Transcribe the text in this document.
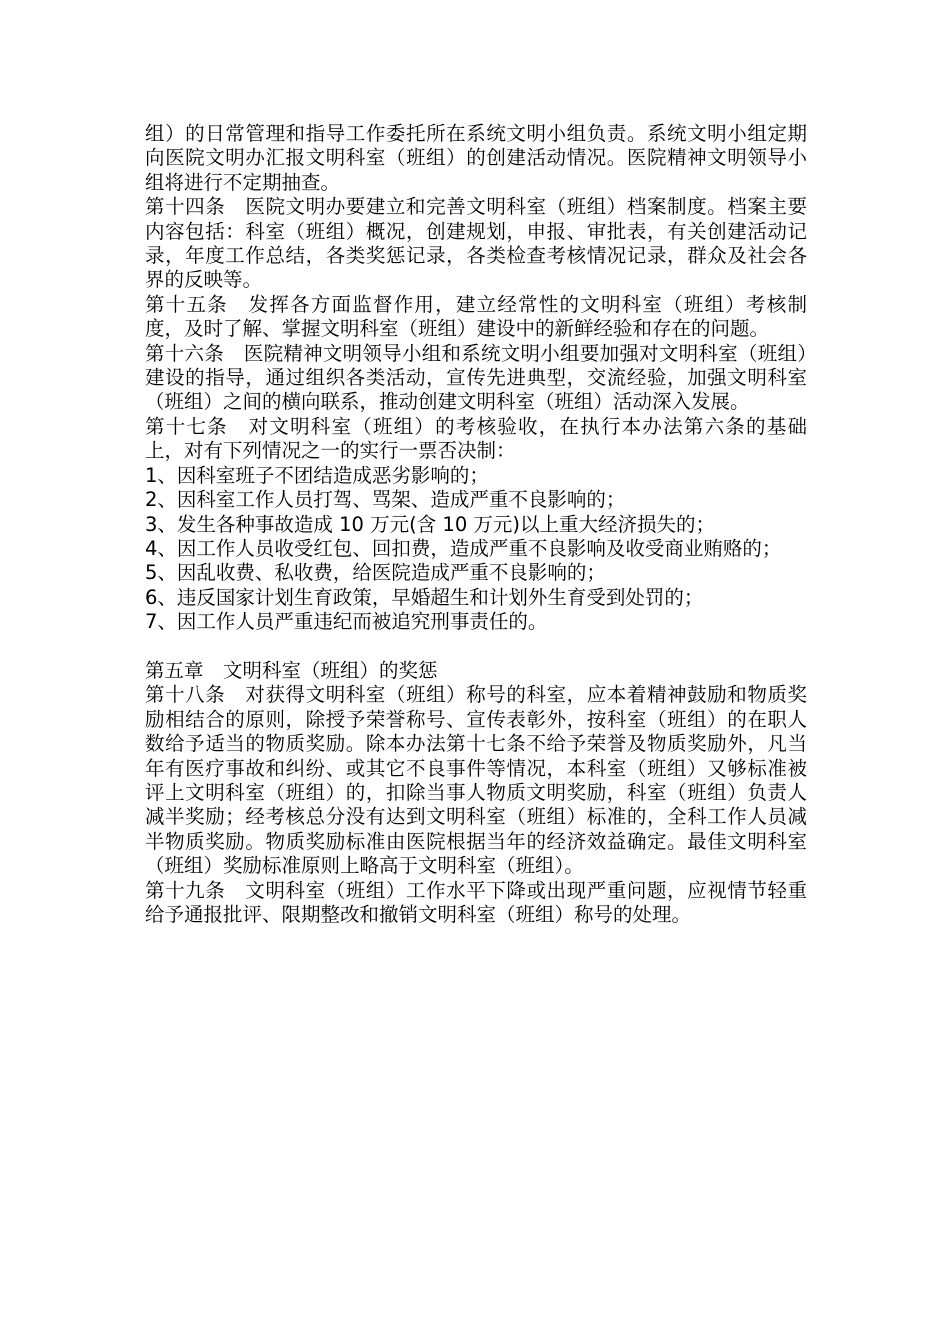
组）的日常管理和指导工作委托所在系统文明小组负责。系统文明小组定期向医院文明办汇报文明科室（班组）的创建活动情况。医院精神文明领导小组将进行不定期抽查。

第十四条　医院文明办要建立和完善文明科室（班组）档案制度。档案主要内容包括：科室（班组）概况，创建规划，申报、审批表，有关创建活动记录，年度工作总结，各类奖惩记录，各类检查考核情况记录，群众及社会各界的反映等。

第十五条　发挥各方面监督作用，建立经常性的文明科室（班组）考核制度，及时了解、掌握文明科室（班组）建设中的新鲜经验和存在的问题。

第十六条　医院精神文明领导小组和系统文明小组要加强对文明科室（班组）建设的指导，通过组织各类活动，宣传先进典型，交流经验，加强文明科室（班组）之间的横向联系，推动创建文明科室（班组）活动深入发展。

第十七条　对文明科室（班组）的考核验收，在执行本办法第六条的基础上，对有下列情况之一的实行一票否决制：

1、因科室班子不团结造成恶劣影响的；

2、因科室工作人员打驾、骂架、造成严重不良影响的；

3、发生各种事故造成 10 万元(含 10 万元)以上重大经济损失的；

4、因工作人员收受红包、回扣费，造成严重不良影响及收受商业贿赂的；

5、因乱收费、私收费，给医院造成严重不良影响的；

6、违反国家计划生育政策，早婚超生和计划外生育受到处罚的；

7、因工作人员严重违纪而被追究刑事责任的。

第五章　文明科室（班组）的奖惩

第十八条　对获得文明科室（班组）称号的科室，应本着精神鼓励和物质奖励相结合的原则，除授予荣誉称号、宣传表彰外，按科室（班组）的在职人数给予适当的物质奖励。除本办法第十七条不给予荣誉及物质奖励外，凡当年有医疗事故和纠纷、或其它不良事件等情况，本科室（班组）又够标准被评上文明科室（班组）的，扣除当事人物质文明奖励，科室（班组）负责人减半奖励；经考核总分没有达到文明科室（班组）标准的，全科工作人员减半物质奖励。物质奖励标准由医院根据当年的经济效益确定。最佳文明科室（班组）奖励标准原则上略高于文明科室（班组）。

第十九条　文明科室（班组）工作水平下降或出现严重问题，应视情节轻重给予通报批评、限期整改和撤销文明科室（班组）称号的处理。
